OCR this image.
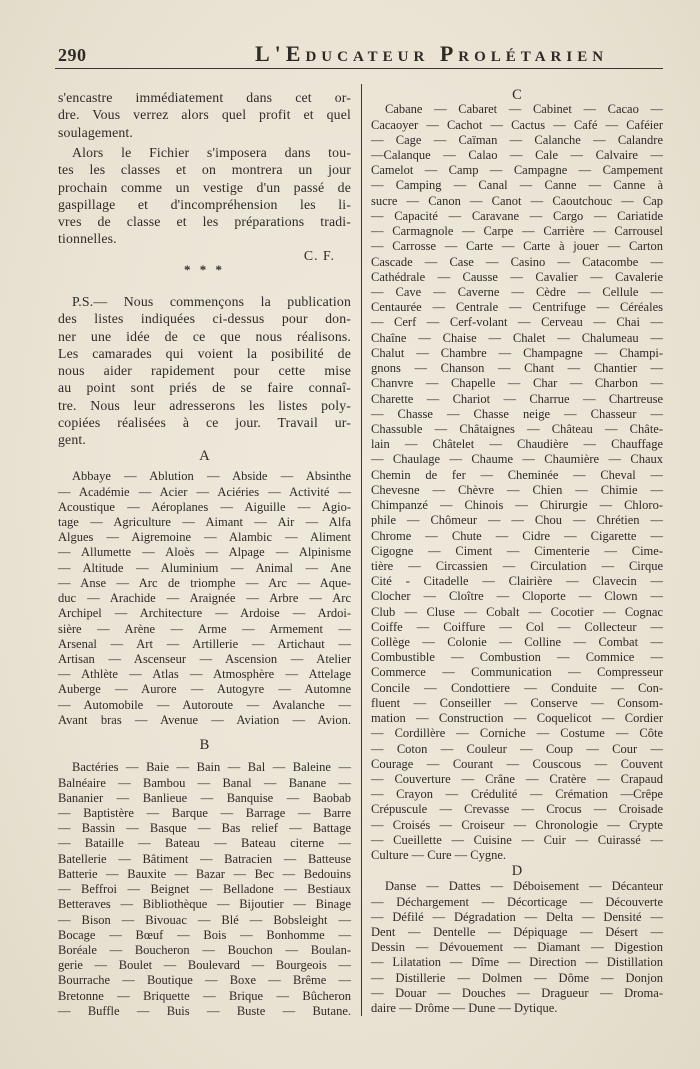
290	L'Educateur Prolétarien
s'encastre immédiatement dans cet or-
dre. Vous verrez alors quel profit et quel
soulagement.
Alors le Fichier s'imposera dans tou-
tes les classes et on montrera un jour
prochain comme un vestige d'un passé de
gaspillage et d'incompréhension les li-
vres de classe et les préparations tradi-
tionnelles.
C. F.
* * *
P.S.— Nous commençons la publication
des listes indiquées ci-dessus pour don-
ner une idée de ce que nous réalisons.
Les camarades qui voient la posibilité de
nous aider rapidement pour cette mise
au point sont priés de se faire connaî-
tre. Nous leur adresserons les listes poly-
copiées réalisées à ce jour. Travail ur-
gent.
A
Abbaye — Ablution — Abside — Absinthe
— Académie — Acier — Aciéries — Activité —
Acoustique — Aéroplanes — Aiguille — Agio-
tage — Agriculture — Aimant — Air — Alfa
Algues — Aigremoine — Alambic — Aliment
— Allumette — Aloès — Alpage — Alpinisme
— Altitude — Aluminium — Animal — Ane
— Anse — Arc de triomphe — Arc — Aque-
duc — Arachide — Araignée — Arbre — Arc
Archipel — Architecture — Ardoise — Ardoi-
sière — Arène — Arme — Armement —
Arsenal — Art — Artillerie — Artichaut —
Artisan — Ascenseur — Ascension — Atelier
— Athlète — Atlas — Atmosphère — Attelage
Auberge — Aurore — Autogyre — Automne
— Automobile — Autoroute — Avalanche —
Avant bras — Avenue — Aviation — Avion.
B
Bactéries — Baie — Bain — Bal — Baleine —
Balnéaire — Bambou — Banal — Banane —
Bananier — Banlieue — Banquise — Baobab
— Baptistère — Barque — Barrage — Barre
— Bassin — Basque — Bas relief — Battage
— Bataille — Bateau — Bateau citerne —
Batellerie — Bâtiment — Batracien — Batteuse
Batterie — Bauxite — Bazar — Bec — Bedouins
— Beffroi — Beignet — Belladone — Bestiaux
Betteraves — Bibliothèque — Bijoutier — Binage
— Bison — Bivouac — Blé — Bobsleight —
Bocage — Bœuf — Bois — Bonhomme —
Boréale — Boucheron — Bouchon — Boulan-
gerie — Boulet — Boulevard — Bourgeois —
Bourrache — Boutique — Boxe — Brême —
Bretonne — Briquette — Brique — Bûcheron
— Buffle — Buis — Buste — Butane.
C
Cabane — Cabaret — Cabinet — Cacao —
Cacaoyer — Cachot — Cactus — Café — Caféier
— Cage — Caïman — Calanche — Calandre
—Calanque — Calao — Cale — Calvaire —
Camelot — Camp — Campagne — Campement
— Camping — Canal — Canne — Canne à
sucre — Canon — Canot — Caoutchouc — Cap
— Capacité — Caravane — Cargo — Cariatide
— Carmagnole — Carpe — Carrière — Carrousel
— Carrosse — Carte — Carte à jouer — Carton
Cascade — Case — Casino — Catacombe —
Cathédrale — Causse — Cavalier — Cavalerie
— Cave — Caverne — Cèdre — Cellule —
Centaurée — Centrale — Centrifuge — Céréales
— Cerf — Cerf-volant — Cerveau — Chai —
Chaîne — Chaise — Chalet — Chalumeau —
Chalut — Chambre — Champagne — Champi-
gnons — Chanson — Chant — Chantier —
Chanvre — Chapelle — Char — Charbon —
Charette — Chariot — Charrue — Chartreuse
— Chasse — Chasse neige — Chasseur —
Chassuble — Châtaignes — Château — Châte-
lain — Châtelet — Chaudière — Chauffage
— Chaulage — Chaume — Chaumière — Chaux
Chemin de fer — Cheminée — Cheval —
Chevesne — Chèvre — Chien — Chimie —
Chimpanzé — Chinois — Chirurgie — Chloro-
phile — Chômeur — — Chou — Chrétien —
Chrome — Chute — Cidre — Cigarette —
Cigogne — Ciment — Cimenterie — Cime-
tière — Circassien — Circulation — Cirque
Cité - Citadelle — Clairière — Clavecin —
Clocher — Cloître — Cloporte — Clown —
Club — Cluse — Cobalt — Cocotier — Cognac
Coiffe — Coiffure — Col — Collecteur —
Collège — Colonie — Colline — Combat —
Combustible — Combustion — Commice —
Commerce — Communication — Compresseur
Concile — Condottiere — Conduite — Con-
fluent — Conseiller — Conserve — Consom-
mation — Construction — Coquelicot — Cordier
— Cordillère — Corniche — Costume — Côte
— Coton — Couleur — Coup — Cour —
Courage — Courant — Couscous — Couvent
— Couverture — Crâne — Cratère — Crapaud
— Crayon — Crédulité — Crémation —Crêpe
Crépuscule — Crevasse — Crocus — Croisade
— Croisés — Croiseur — Chronologie — Crypte
— Cueillette — Cuisine — Cuir — Cuirassé —
Culture — Cure — Cygne.
D
Danse — Dattes — Déboisement — Décanteur
— Déchargement — Décorticage — Découverte
— Défilé — Dégradation — Delta — Densité —
Dent — Dentelle — Dépiquage — Désert —
Dessin — Dévouement — Diamant — Digestion
— Lilatation — Dîme — Direction — Distillation
— Distillerie — Dolmen — Dôme — Donjon
— Douar — Douches — Dragueur — Droma-
daire — Drôme — Dune — Dytique.
